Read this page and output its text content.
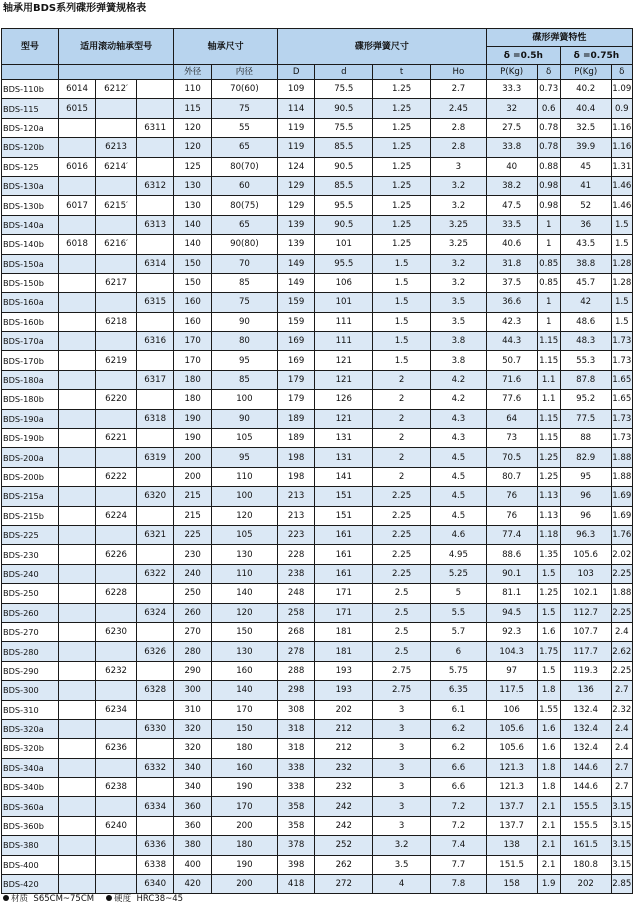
轴承用BDS系列碟形弹簧规格表
型号	适用滚动轴承型号			轴承尺寸		碟形弹簧尺寸				碟形弹簧特性			
										δ =0.5h		δ =0.75h	
				外径	内径	D	d	t	Ho	P(Kg)	δ	P(Kg)	δ
BDS-110b	6014	6212′		110	70(60)	109	75.5	1.25	2.7	33.3	0.73	40.2	1.09
BDS-115	6015			115	75	114	90.5	1.25	2.45	32	0.6	40.4	0.9
BDS-120a			6311	120	55	119	75.5	1.25	2.8	27.5	0.78	32.5	1.16
BDS-120b		6213		120	65	119	85.5	1.25	2.8	33.8	0.78	39.9	1.16
BDS-125	6016	6214′		125	80(70)	124	90.5	1.25	3	40	0.88	45	1.31
BDS-130a			6312	130	60	129	85.5	1.25	3.2	38.2	0.98	41	1.46
BDS-130b	6017	6215′		130	80(75)	129	95.5	1.25	3.2	47.5	0.98	52	1.46
BDS-140a			6313	140	65	139	90.5	1.25	3.25	33.5	1	36	1.5
BDS-140b	6018	6216′		140	90(80)	139	101	1.25	3.25	40.6	1	43.5	1.5
BDS-150a			6314	150	70	149	95.5	1.5	3.2	31.8	0.85	38.8	1.28
BDS-150b		6217		150	85	149	106	1.5	3.2	37.5	0.85	45.7	1.28
BDS-160a			6315	160	75	159	101	1.5	3.5	36.6	1	42	1.5
BDS-160b		6218		160	90	159	111	1.5	3.5	42.3	1	48.6	1.5
BDS-170a			6316	170	80	169	111	1.5	3.8	44.3	1.15	48.3	1.73
BDS-170b		6219		170	95	169	121	1.5	3.8	50.7	1.15	55.3	1.73
BDS-180a			6317	180	85	179	121	2	4.2	71.6	1.1	87.8	1.65
BDS-180b		6220		180	100	179	126	2	4.2	77.6	1.1	95.2	1.65
BDS-190a			6318	190	90	189	121	2	4.3	64	1.15	77.5	1.73
BDS-190b		6221		190	105	189	131	2	4.3	73	1.15	88	1.73
BDS-200a			6319	200	95	198	131	2	4.5	70.5	1.25	82.9	1.88
BDS-200b		6222		200	110	198	141	2	4.5	80.7	1.25	95	1.88
BDS-215a			6320	215	100	213	151	2.25	4.5	76	1.13	96	1.69
BDS-215b		6224		215	120	213	151	2.25	4.5	76	1.13	96	1.69
BDS-225			6321	225	105	223	161	2.25	4.6	77.4	1.18	96.3	1.76
BDS-230		6226		230	130	228	161	2.25	4.95	88.6	1.35	105.6	2.02
BDS-240			6322	240	110	238	161	2.25	5.25	90.1	1.5	103	2.25
BDS-250		6228		250	140	248	171	2.5	5	81.1	1.25	102.1	1.88
BDS-260			6324	260	120	258	171	2.5	5.5	94.5	1.5	112.7	2.25
BDS-270		6230		270	150	268	181	2.5	5.7	92.3	1.6	107.7	2.4
BDS-280			6326	280	130	278	181	2.5	6	104.3	1.75	117.7	2.62
BDS-290		6232		290	160	288	193	2.75	5.75	97	1.5	119.3	2.25
BDS-300			6328	300	140	298	193	2.75	6.35	117.5	1.8	136	2.7
BDS-310		6234		310	170	308	202	3	6.1	106	1.55	132.4	2.32
BDS-320a			6330	320	150	318	212	3	6.2	105.6	1.6	132.4	2.4
BDS-320b		6236		320	180	318	212	3	6.2	105.6	1.6	132.4	2.4
BDS-340a			6332	340	160	338	232	3	6.6	121.3	1.8	144.6	2.7
BDS-340b		6238		340	190	338	232	3	6.6	121.3	1.8	144.6	2.7
BDS-360a			6334	360	170	358	242	3	7.2	137.7	2.1	155.5	3.15
BDS-360b		6240		360	200	358	242	3	7.2	137.7	2.1	155.5	3.15
BDS-380			6336	380	180	378	252	3.2	7.4	138	2.1	161.5	3.15
BDS-400			6338	400	190	398	262	3.5	7.7	151.5	2.1	180.8	3.15
BDS-420			6340	420	200	418	272	4	7.8	158	1.9	202	2.85
材质 S65CM~75CM 硬度 HRC38~45
